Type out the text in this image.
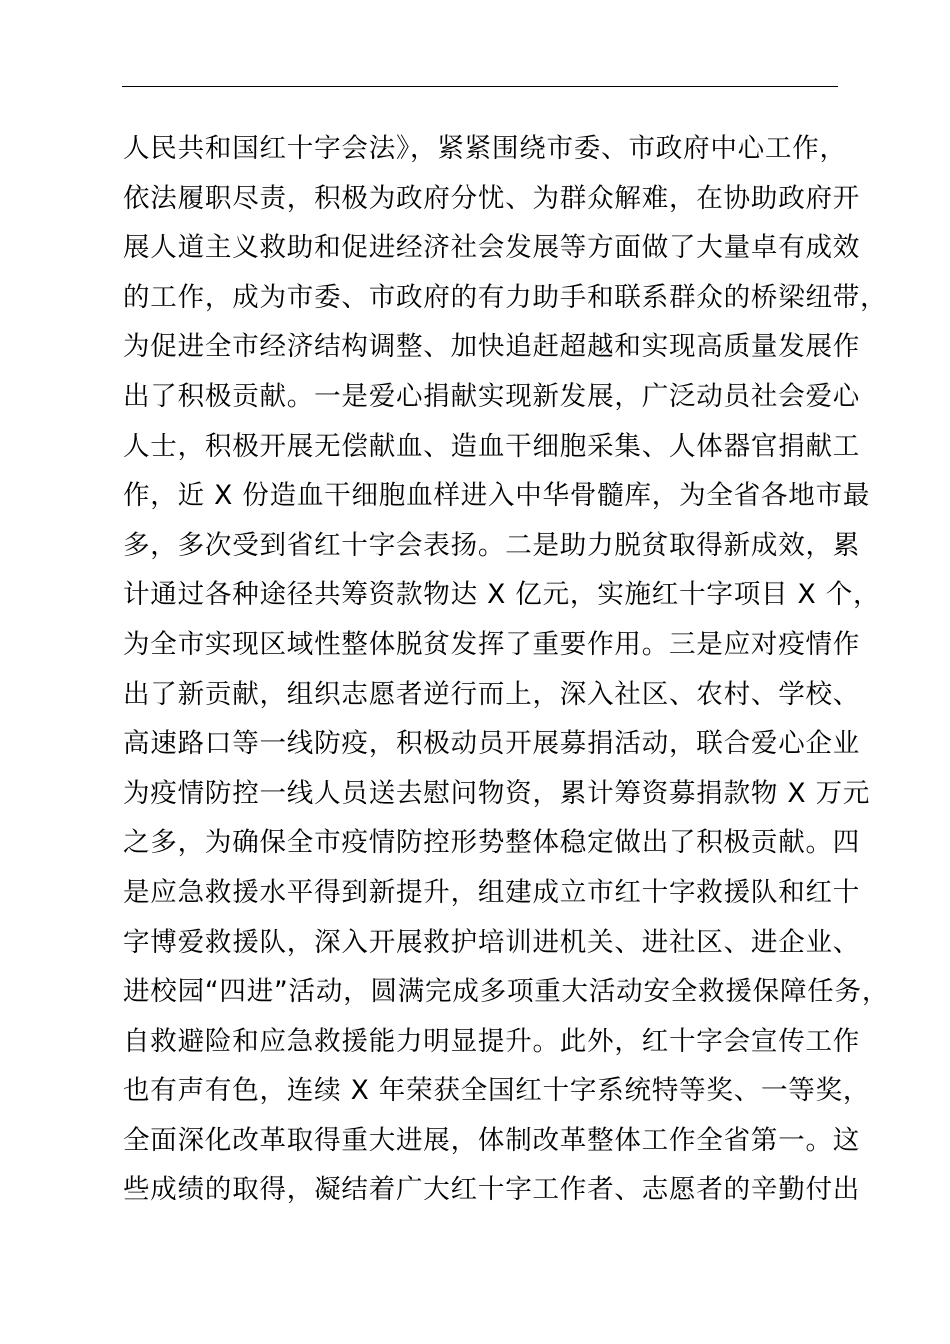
人民共和国红十字会法》，紧紧围绕市委、市政府中心工作，
依法履职尽责，积极为政府分忧、为群众解难，在协助政府开
展人道主义救助和促进经济社会发展等方面做了大量卓有成效
的工作，成为市委、市政府的有力助手和联系群众的桥梁纽带，
为促进全市经济结构调整、加快追赶超越和实现高质量发展作
出了积极贡献。一是爱心捐献实现新发展，广泛动员社会爱心
人士，积极开展无偿献血、造血干细胞采集、人体器官捐献工
作，近 X 份造血干细胞血样进入中华骨髓库，为全省各地市最
多，多次受到省红十字会表扬。二是助力脱贫取得新成效，累
计通过各种途径共筹资款物达 X 亿元，实施红十字项目 X 个，
为全市实现区域性整体脱贫发挥了重要作用。三是应对疫情作
出了新贡献，组织志愿者逆行而上，深入社区、农村、学校、
高速路口等一线防疫，积极动员开展募捐活动，联合爱心企业
为疫情防控一线人员送去慰问物资，累计筹资募捐款物 X 万元
之多，为确保全市疫情防控形势整体稳定做出了积极贡献。四
是应急救援水平得到新提升，组建成立市红十字救援队和红十
字博爱救援队，深入开展救护培训进机关、进社区、进企业、
进校园“四进”活动，圆满完成多项重大活动安全救援保障任务，
自救避险和应急救援能力明显提升。此外，红十字会宣传工作
也有声有色，连续 X 年荣获全国红十字系统特等奖、一等奖，
全面深化改革取得重大进展，体制改革整体工作全省第一。这
些成绩的取得，凝结着广大红十字工作者、志愿者的辛勤付出
